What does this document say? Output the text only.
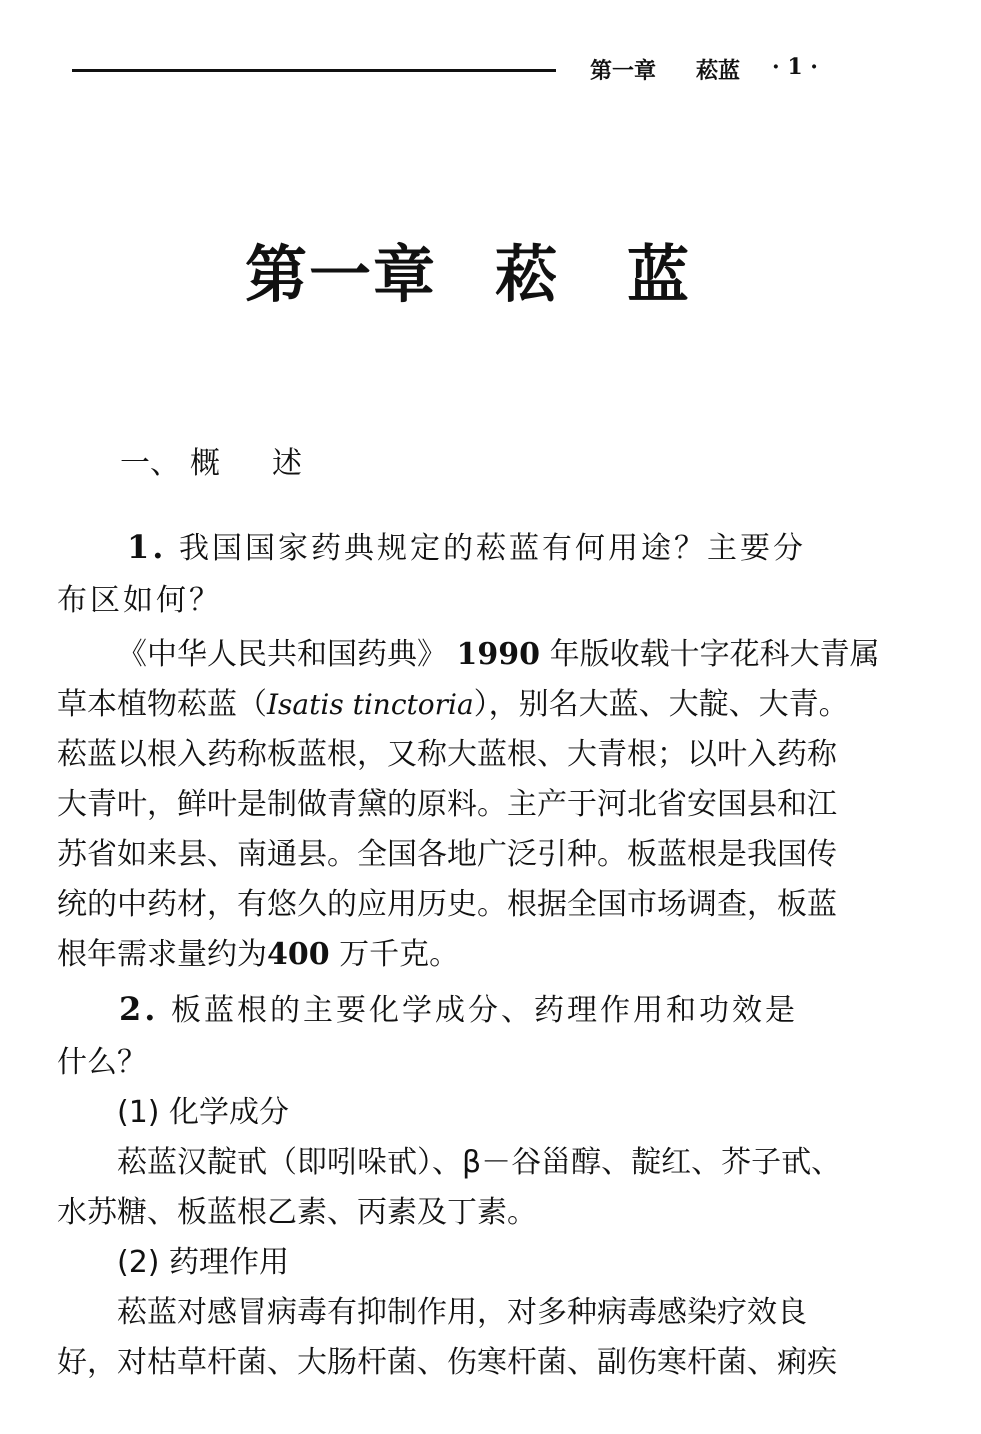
第一章 菘蓝 · 1 ·
第一章 菘蓝
一、 概述
1. 我国国家药典规定的菘蓝有何用途？主要分
布区如何？
《中华人民共和国药典》 1990 年版收载十字花科大青属
草本植物菘蓝（Isatis tinctoria），别名大蓝、大靛、大青。
菘蓝以根入药称板蓝根，又称大蓝根、大青根；以叶入药称
大青叶，鲜叶是制做青黛的原料。主产于河北省安国县和江
苏省如来县、南通县。全国各地广泛引种。板蓝根是我国传
统的中药材，有悠久的应用历史。根据全国市场调查，板蓝
根年需求量约为400 万千克。
2. 板蓝根的主要化学成分、药理作用和功效是
什么？
(1) 化学成分
菘蓝汉靛甙（即吲哚甙）、β－谷甾醇、靛红、芥子甙、
水苏糖、板蓝根乙素、丙素及丁素。
(2) 药理作用
菘蓝对感冒病毒有抑制作用，对多种病毒感染疗效良
好，对枯草杆菌、大肠杆菌、伤寒杆菌、副伤寒杆菌、痢疾
